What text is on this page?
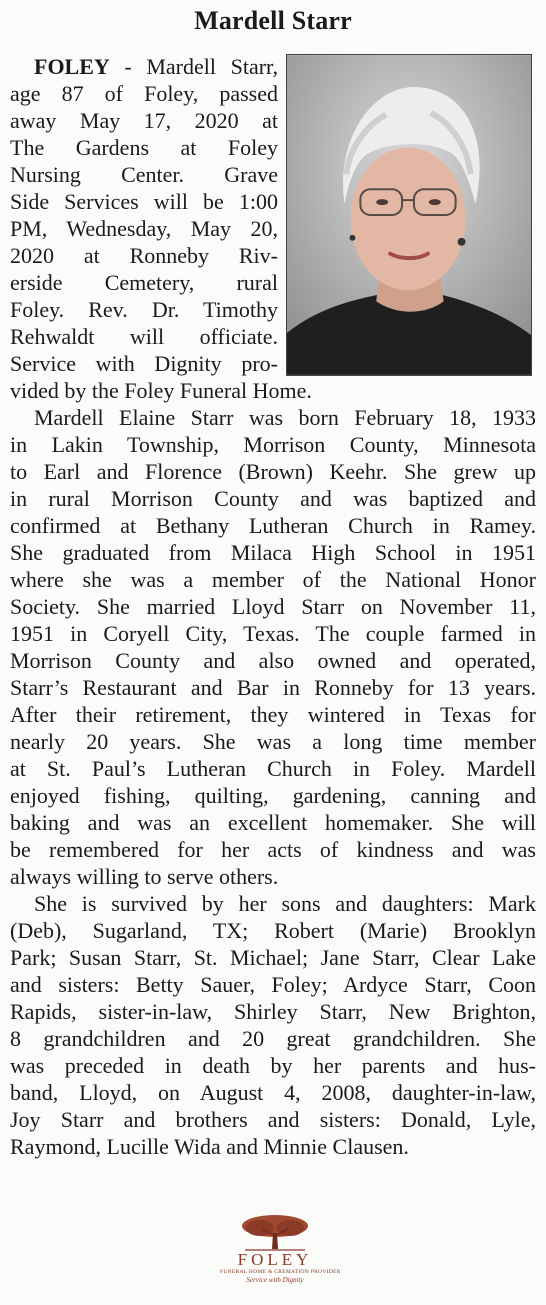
Mardell Starr
FOLEY - Mardell Starr,
age 87 of Foley, passed
away May 17, 2020 at
The Gardens at Foley
Nursing Center. Grave
Side Services will be 1:00
PM, Wednesday, May 20,
2020 at Ronneby Riv-
erside Cemetery, rural
Foley. Rev. Dr. Timothy
Rehwaldt will officiate.
Service with Dignity pro-
vided by the Foley Funeral Home.
Mardell Elaine Starr was born February 18, 1933
in Lakin Township, Morrison County, Minnesota
to Earl and Florence (Brown) Keehr. She grew up
in rural Morrison County and was baptized and
confirmed at Bethany Lutheran Church in Ramey.
She graduated from Milaca High School in 1951
where she was a member of the National Honor
Society. She married Lloyd Starr on November 11,
1951 in Coryell City, Texas. The couple farmed in
Morrison County and also owned and operated,
Starr’s Restaurant and Bar in Ronneby for 13 years.
After their retirement, they wintered in Texas for
nearly 20 years. She was a long time member
at St. Paul’s Lutheran Church in Foley. Mardell
enjoyed fishing, quilting, gardening, canning and
baking and was an excellent homemaker. She will
be remembered for her acts of kindness and was
always willing to serve others.
She is survived by her sons and daughters: Mark
(Deb), Sugarland, TX; Robert (Marie) Brooklyn
Park; Susan Starr, St. Michael; Jane Starr, Clear Lake
and sisters: Betty Sauer, Foley; Ardyce Starr, Coon
Rapids, sister-in-law, Shirley Starr, New Brighton,
8 grandchildren and 20 great grandchildren. She
was preceded in death by her parents and hus-
band, Lloyd, on August 4, 2008, daughter-in-law,
Joy Starr and brothers and sisters: Donald, Lyle,
Raymond, Lucille Wida and Minnie Clausen.
FOLEY
FUNERAL HOME & CREMATION PROVIDER
Service with Dignity
